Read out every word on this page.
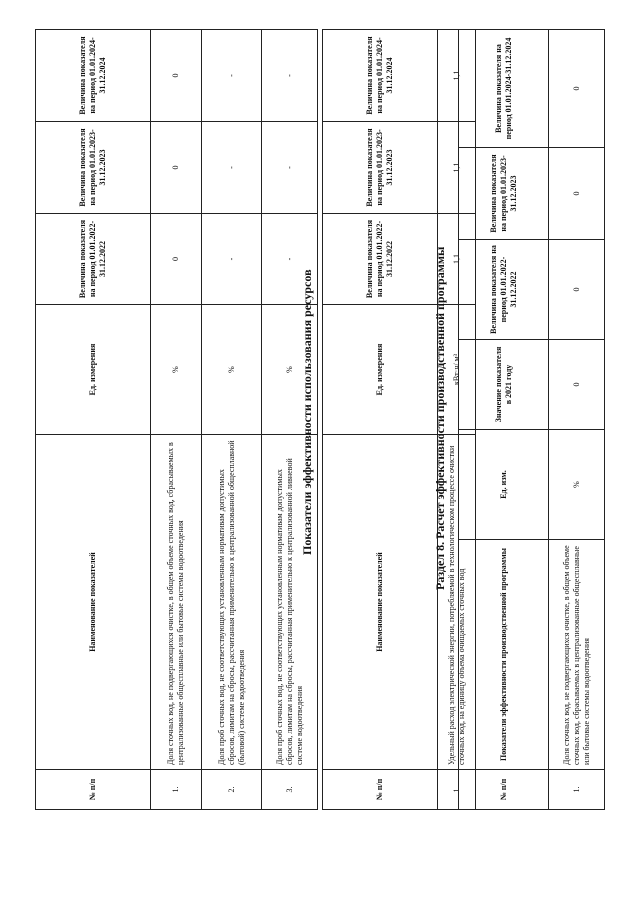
№ п/п	Наименование показателей	Ед. измерения	Величина показателя на период 01.01.2022-31.12.2022	Величина показателя на период 01.01.2023-31.12.2023	Величина показателя на период 01.01.2024-31.12.2024
1.	Доля сточных вод, не подвергающихся очистке, в общем объеме сточных вод, сбрасываемых в централизованные общесплавные или бытовые системы водоотведения	%	0	0	0
2.	Доля проб сточных вод, не соответствующих установленным нормативам допустимых сбросов, лимитам на сбросы, рассчитанная применительно к централизованной общесплавной (бытовой) системе водоотведения	%	-	-	-
3.	Доля проб сточных вод, не соответствующих установленным нормативам допустимых сбросов, лимитам на сбросы, рассчитанная применительно к централизованной ливневой системе водоотведения	%	-	-	-
Показатели эффективности использования ресурсов
№ п/п	Наименование показателей	Ед. измерения	Величина показателя на период 01.01.2022-31.12.2022	Величина показателя на период 01.01.2023-31.12.2023	Величина показателя на период 01.01.2024-31.12.2024
1.	Удельный расход электрической энергии, потребляемой в технологическом процессе очистки сточных вод, на единицу объема очищаемых сточных вод	кВт·ч/ м³	1,1	1,1	1,1
Раздел 8. Расчет эффективности производственной программы
№ п/п	Показатели эффективности производственной программы	Ед. изм.	Значение показателя в 2021 году	Величина показателя на период 01.01.2022-31.12.2022	Величина показателя на период 01.01.2023-31.12.2023	Величина показателя на период 01.01.2024-31.12.2024
1.	Доля сточных вод, не подвергающихся очистке, в общем объеме сточных вод, сбрасываемых в централизованные общесплавные или бытовые системы водоотведения	%	0	0	0	0
